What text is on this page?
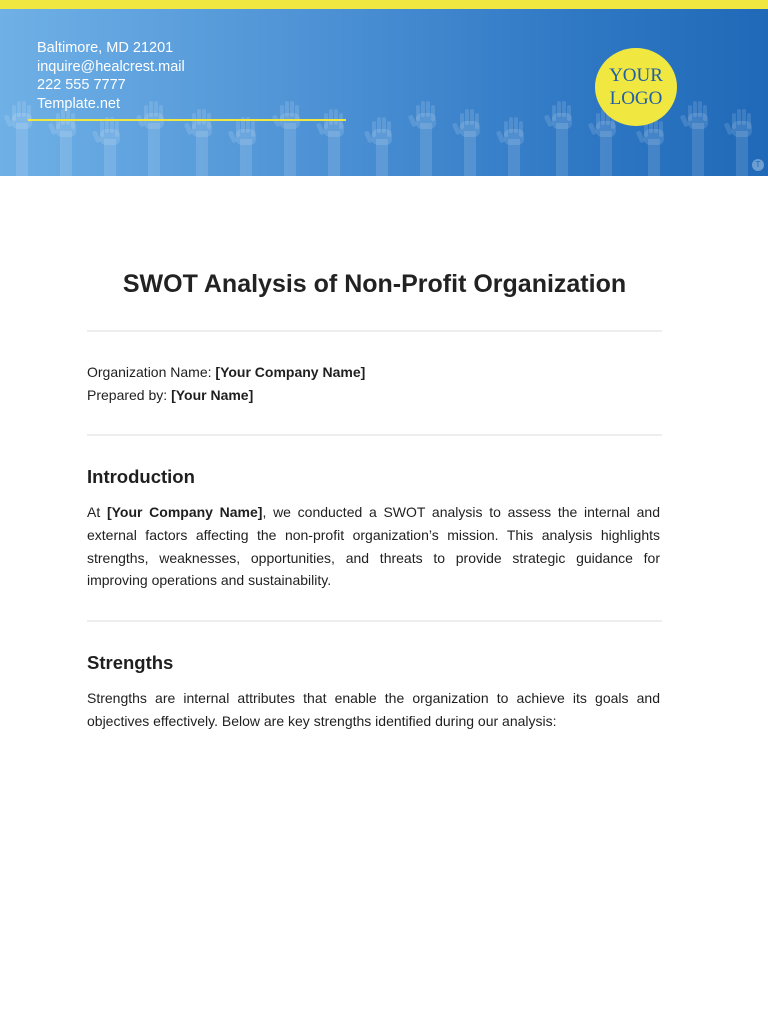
Baltimore, MD 21201
inquire@healcrest.mail
222 555 7777
Template.net
YOUR
LOGO
T
SWOT Analysis of Non-Profit Organization
Organization Name: [Your Company Name]
Prepared by: [Your Name]
Introduction

At [Your Company Name], we conducted a SWOT analysis to assess the internal and external factors affecting the non-profit organization’s mission. This analysis highlights strengths, weaknesses, opportunities, and threats to provide strategic guidance for improving operations and sustainability.

Strengths

Strengths are internal attributes that enable the organization to achieve its goals and objectives effectively. Below are key strengths identified during our analysis:
